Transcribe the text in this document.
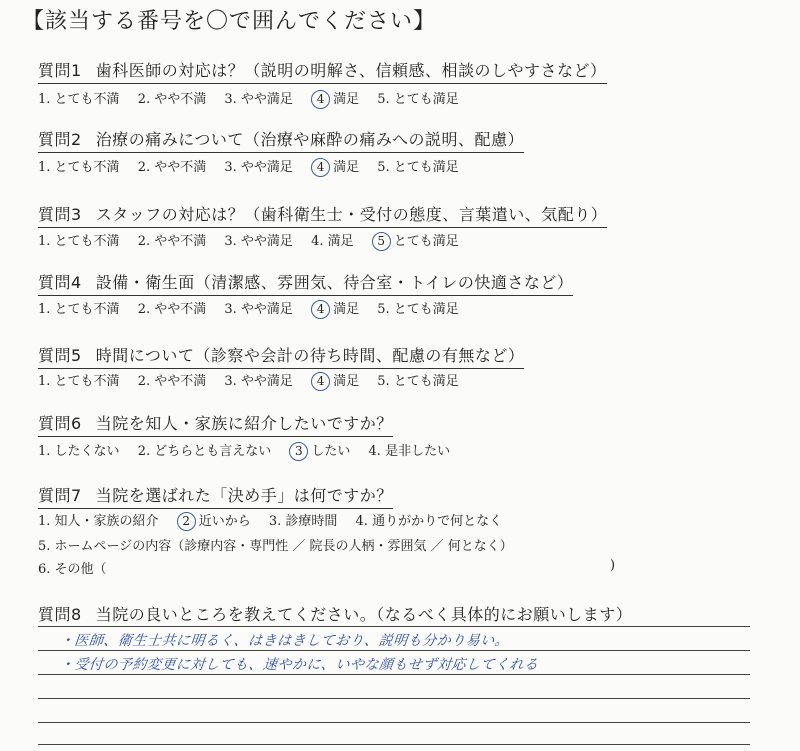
【該当する番号を〇で囲んでください】
質問1 歯科医師の対応は？（説明の明解さ、信頼感、相談のしやすさなど）
1. とても不満 2. やや不満 3. やや満足 4 満足 5. とても満足
質問2 治療の痛みについて（治療や麻酔の痛みへの説明、配慮）
1. とても不満 2. やや不満 3. やや満足 4 満足 5. とても満足
質問3 スタッフの対応は？（歯科衛生士・受付の態度、言葉遣い、気配り）
1. とても不満 2. やや不満 3. やや満足 4. 満足 5 とても満足
質問4 設備・衛生面（清潔感、雰囲気、待合室・トイレの快適さなど）
1. とても不満 2. やや不満 3. やや満足 4 満足 5. とても満足
質問5 時間について（診察や会計の待ち時間、配慮の有無など）
1. とても不満 2. やや不満 3. やや満足 4 満足 5. とても満足
質問6 当院を知人・家族に紹介したいですか？
1. したくない 2. どちらとも言えない 3 したい 4. 是非したい
質問7 当院を選ばれた「決め手」は何ですか？
1. 知人・家族の紹介 2 近いから 3. 診療時間 4. 通りがかりで何となく
5. ホームページの内容（診療内容・専門性 ／ 院長の人柄・雰囲気 ／ 何となく）
6. その他（	)
質問8 当院の良いところを教えてください。（なるべく具体的にお願いします）
・医師、衛生士共に明るく、はきはきしており、説明も分かり易い。
・受付の予約変更に対しても、速やかに、いやな顔もせず対応してくれる
